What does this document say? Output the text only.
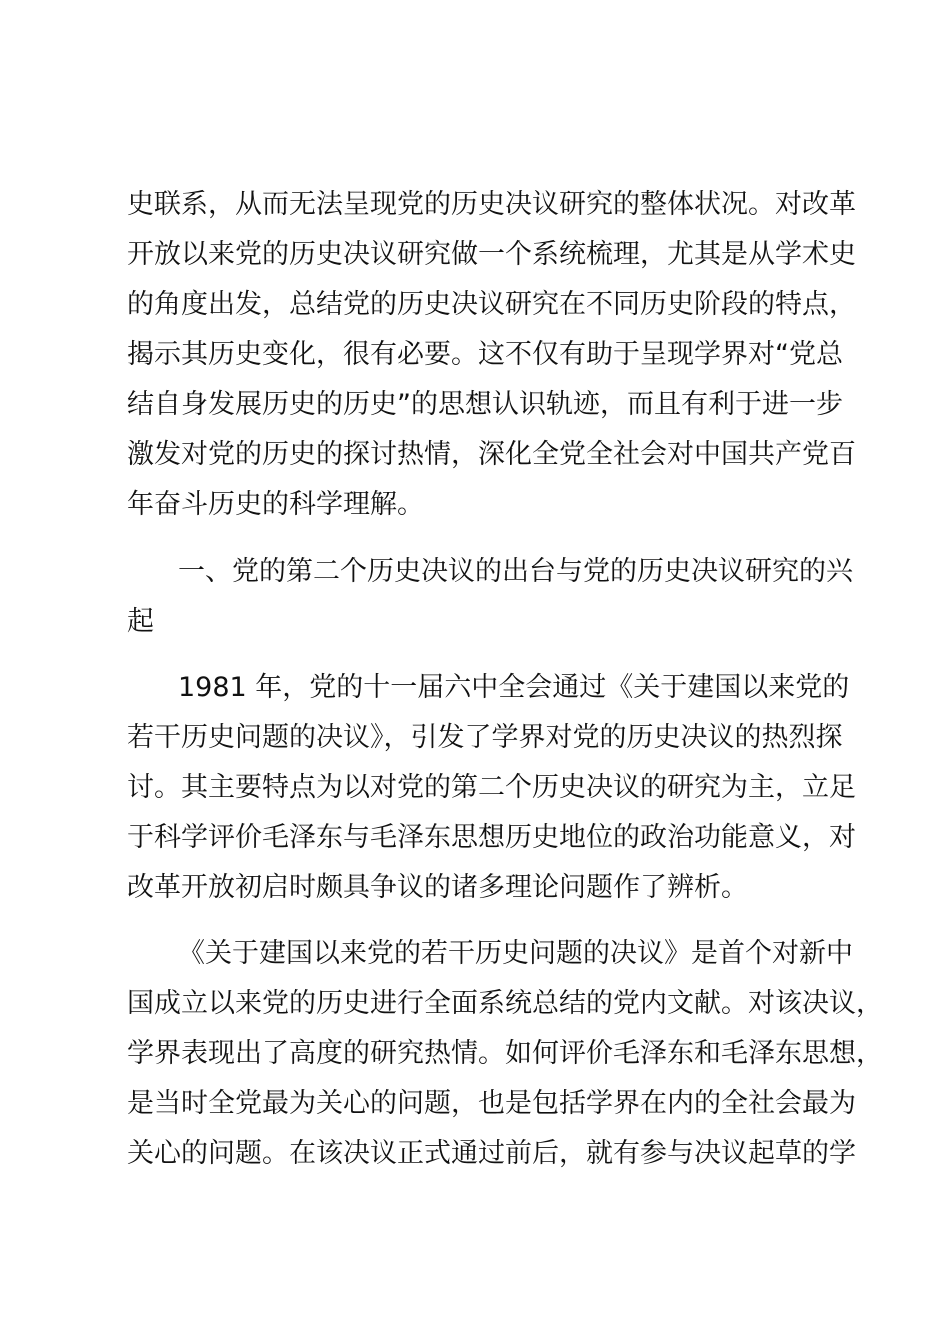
史联系，从而无法呈现党的历史决议研究的整体状况。对改革
开放以来党的历史决议研究做一个系统梳理，尤其是从学术史
的角度出发，总结党的历史决议研究在不同历史阶段的特点，
揭示其历史变化，很有必要。这不仅有助于呈现学界对“党总
结自身发展历史的历史”的思想认识轨迹，而且有利于进一步
激发对党的历史的探讨热情，深化全党全社会对中国共产党百
年奋斗历史的科学理解。
一、党的第二个历史决议的出台与党的历史决议研究的兴
起
1981 年，党的十一届六中全会通过《关于建国以来党的
若干历史问题的决议》，引发了学界对党的历史决议的热烈探
讨。其主要特点为以对党的第二个历史决议的研究为主，立足
于科学评价毛泽东与毛泽东思想历史地位的政治功能意义，对
改革开放初启时颇具争议的诸多理论问题作了辨析。
《关于建国以来党的若干历史问题的决议》是首个对新中
国成立以来党的历史进行全面系统总结的党内文献。对该决议，
学界表现出了高度的研究热情。如何评价毛泽东和毛泽东思想，
是当时全党最为关心的问题，也是包括学界在内的全社会最为
关心的问题。在该决议正式通过前后，就有参与决议起草的学
